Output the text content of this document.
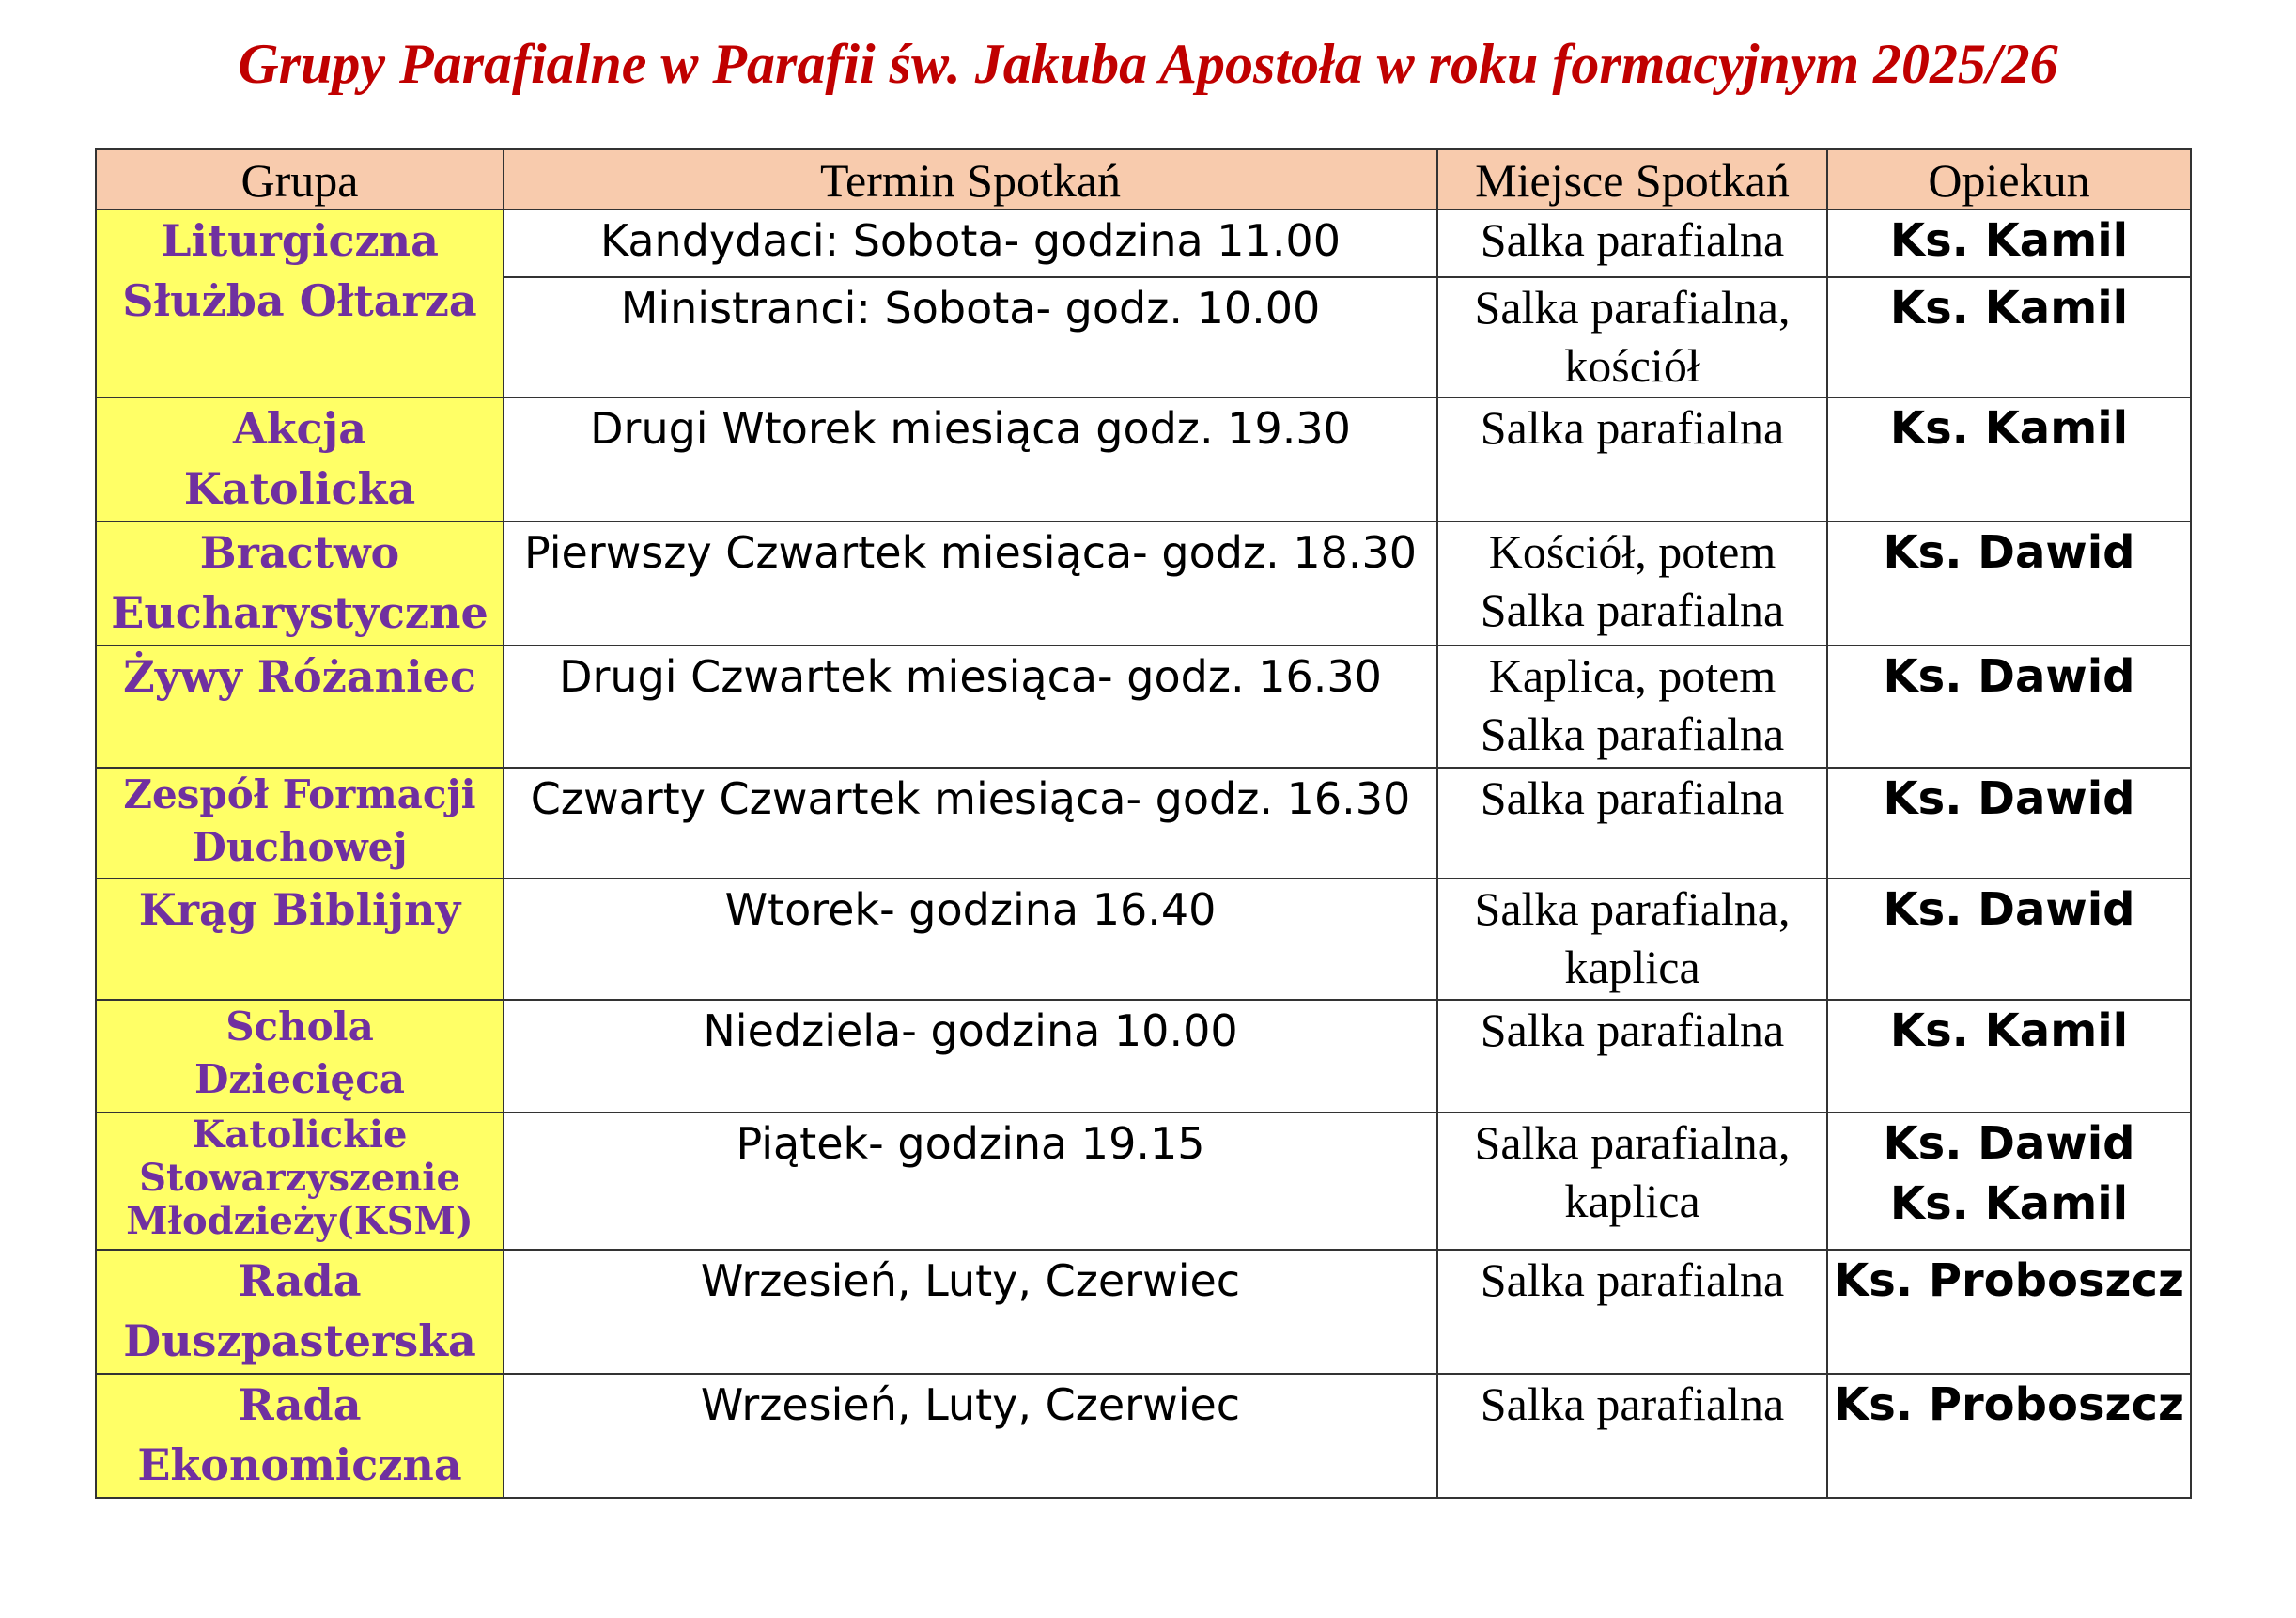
Grupy Parafialne w Parafii św. Jakuba Apostoła w roku formacyjnym 2025/26
Grupa	Termin Spotkań	Miejsce Spotkań	Opiekun

Liturgiczna
Służba Ołtarza	Kandydaci: Sobota- godzina 11.00	Salka parafialna	Ks. Kamil

	Ministranci: Sobota- godz. 10.00	Salka parafialna,
kościół	Ks. Kamil

Akcja
Katolicka	Drugi Wtorek miesiąca godz. 19.30	Salka parafialna	Ks. Kamil

Bractwo
Eucharystyczne	Pierwszy Czwartek miesiąca- godz. 18.30	Kościół, potem
Salka parafialna	Ks. Dawid

Żywy Różaniec	Drugi Czwartek miesiąca- godz. 16.30	Kaplica, potem
Salka parafialna	Ks. Dawid

Zespół Formacji
Duchowej	Czwarty Czwartek miesiąca- godz. 16.30	Salka parafialna	Ks. Dawid

Krąg Biblijny	Wtorek- godzina 16.40	Salka parafialna,
kaplica	Ks. Dawid

Schola
Dziecięca	Niedziela- godzina 10.00	Salka parafialna	Ks. Kamil

Katolickie
Stowarzyszenie
Młodzieży(KSM)	Piątek- godzina 19.15	Salka parafialna,
kaplica	Ks. Dawid
Ks. Kamil

Rada
Duszpasterska	Wrzesień, Luty, Czerwiec	Salka parafialna	Ks. Proboszcz

Rada
Ekonomiczna	Wrzesień, Luty, Czerwiec	Salka parafialna	Ks. Proboszcz
